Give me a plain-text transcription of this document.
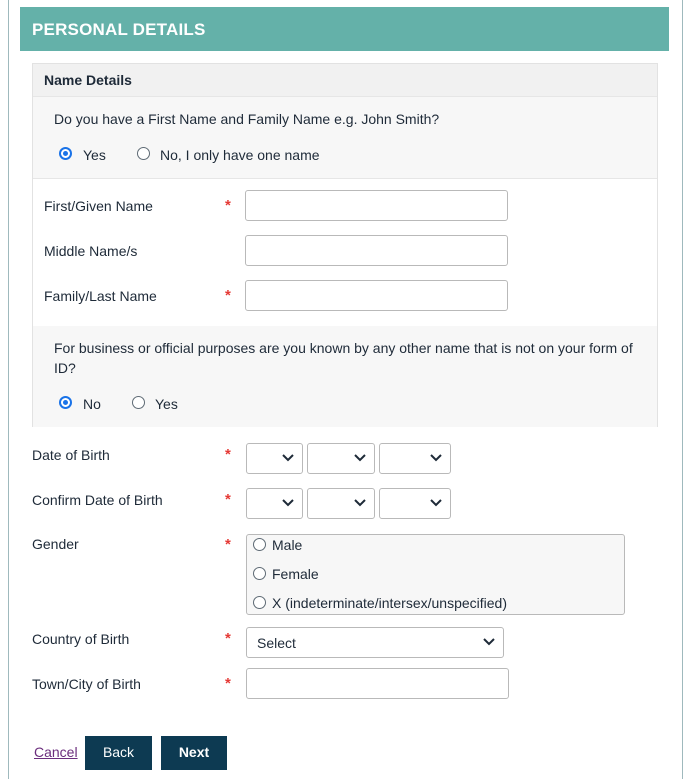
PERSONAL DETAILS
Name Details
Do you have a First Name and Family Name e.g. John Smith?
Yes	No, I only have one name
First/Given Name	*
Middle Name/s
Family/Last Name	*
For business or official purposes are you known by any other name that is not on your form of ID?
No	Yes
Date of Birth	*
Confirm Date of Birth	*
Gender	*	Male
Female
X (indeterminate/intersex/unspecified)
Country of Birth	* Select
Town/City of Birth	*
Cancel	Back	Next
